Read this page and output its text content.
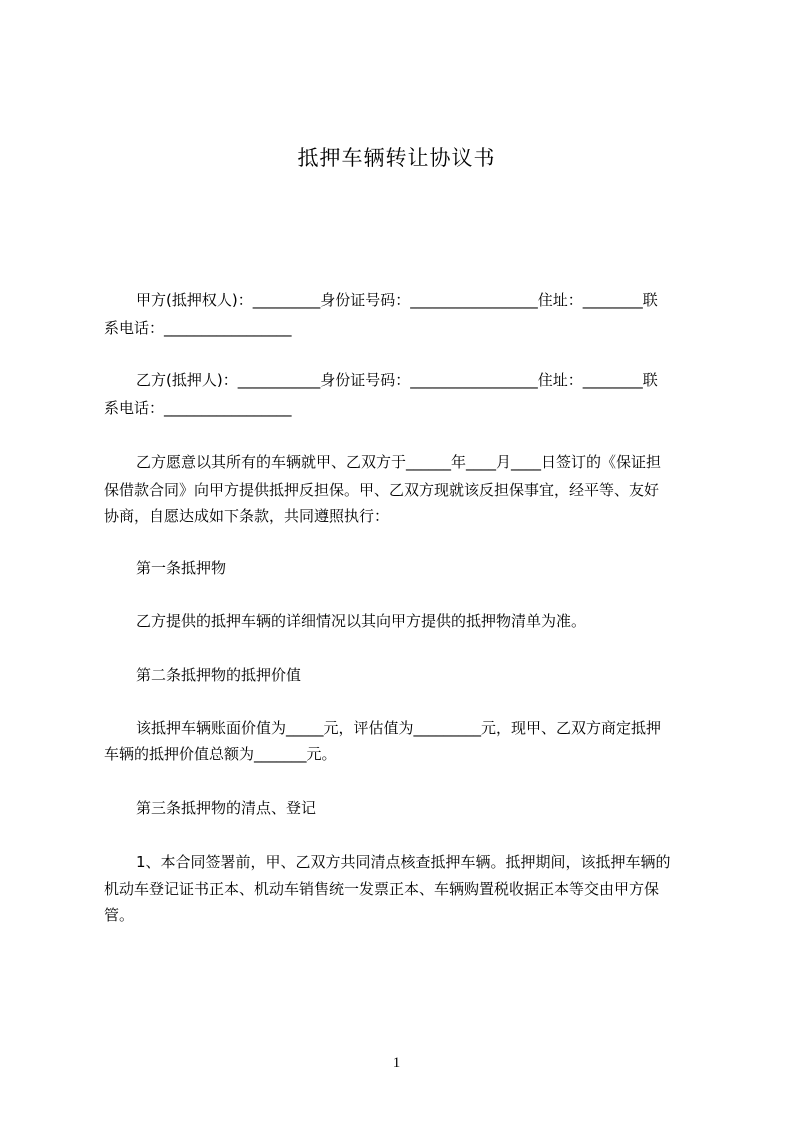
抵押车辆转让协议书
甲方(抵押权人)：_________身份证号码：_________________住址：________联
系电话：_________________
乙方(抵押人)：___________身份证号码：_________________住址：________联
系电话：_________________
乙方愿意以其所有的车辆就甲、乙双方于______年____月____日签订的《保证担
保借款合同》向甲方提供抵押反担保。甲、乙双方现就该反担保事宜，经平等、友好
协商，自愿达成如下条款，共同遵照执行：
第一条抵押物
乙方提供的抵押车辆的详细情况以其向甲方提供的抵押物清单为准。
第二条抵押物的抵押价值
该抵押车辆账面价值为_____元，评估值为_________元，现甲、乙双方商定抵押
车辆的抵押价值总额为_______元。
第三条抵押物的清点、登记
1、本合同签署前，甲、乙双方共同清点核查抵押车辆。抵押期间，该抵押车辆的
机动车登记证书正本、机动车销售统一发票正本、车辆购置税收据正本等交由甲方保
管。
1
